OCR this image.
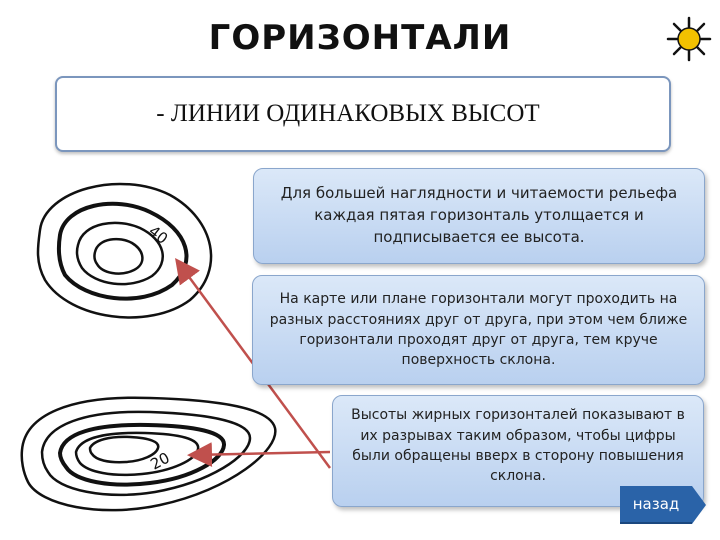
ГОРИЗОНТАЛИ
- ЛИНИИ ОДИНАКОВЫХ ВЫСОТ
40
20
Для большей наглядности и читаемости рельефа каждая пятая горизонталь утолщается и подписывается ее высота.
На карте или плане горизонтали могут проходить на разных расстояниях друг от друга, при этом чем ближе горизонтали проходят друг от друга, тем круче поверхность склона.
Высоты жирных горизонталей показывают в их разрывах таким образом, чтобы цифры были обращены вверх в сторону повышения склона.
назад
